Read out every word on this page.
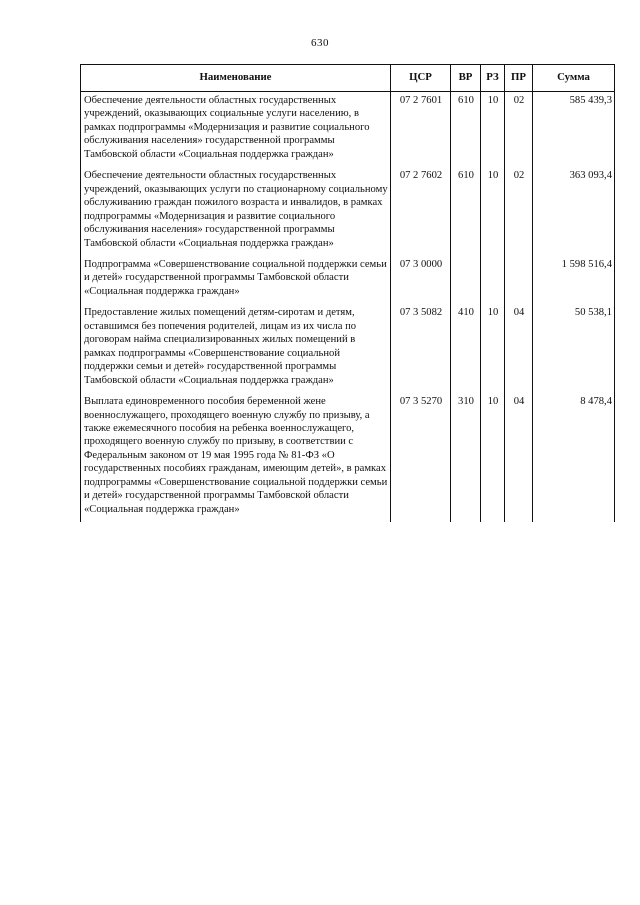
630
Наименование	ЦСР	ВР	РЗ	ПР	Сумма
Обеспечение деятельности областных государственных учреждений, оказывающих социальные услуги населению, в рамках подпрограммы «Модернизация и развитие социального обслуживания населения» государственной программы Тамбовской области «Социальная поддержка граждан»	07 2 7601	610	10	02	585 439,3
Обеспечение деятельности областных государственных учреждений, оказывающих услуги по стационарному социальному обслуживанию граждан пожилого возраста и инвалидов, в рамках подпрограммы «Модернизация и развитие социального обслуживания населения» государственной программы Тамбовской области «Социальная поддержка граждан»	07 2 7602	610	10	02	363 093,4
Подпрограмма «Совершенствование социальной поддержки семьи и детей» государственной программы Тамбовской области «Социальная поддержка граждан»	07 3 0000				1 598 516,4
Предоставление жилых помещений детям-сиротам и детям, оставшимся без попечения родителей, лицам из их числа по договорам найма специализированных жилых помещений в рамках подпрограммы «Совершенствование социальной поддержки семьи и детей» государственной программы Тамбовской области «Социальная поддержка граждан»	07 3 5082	410	10	04	50 538,1
Выплата единовременного пособия беременной жене военнослужащего, проходящего военную службу по призыву, а также ежемесячного пособия на ребенка военнослужащего, проходящего военную службу по призыву, в соответствии с Федеральным законом от 19 мая 1995 года № 81-ФЗ «О государственных пособиях гражданам, имеющим детей», в рамках подпрограммы «Совершенствование социальной поддержки семьи и детей» государственной программы Тамбовской области «Социальная поддержка граждан»	07 3 5270	310	10	04	8 478,4
